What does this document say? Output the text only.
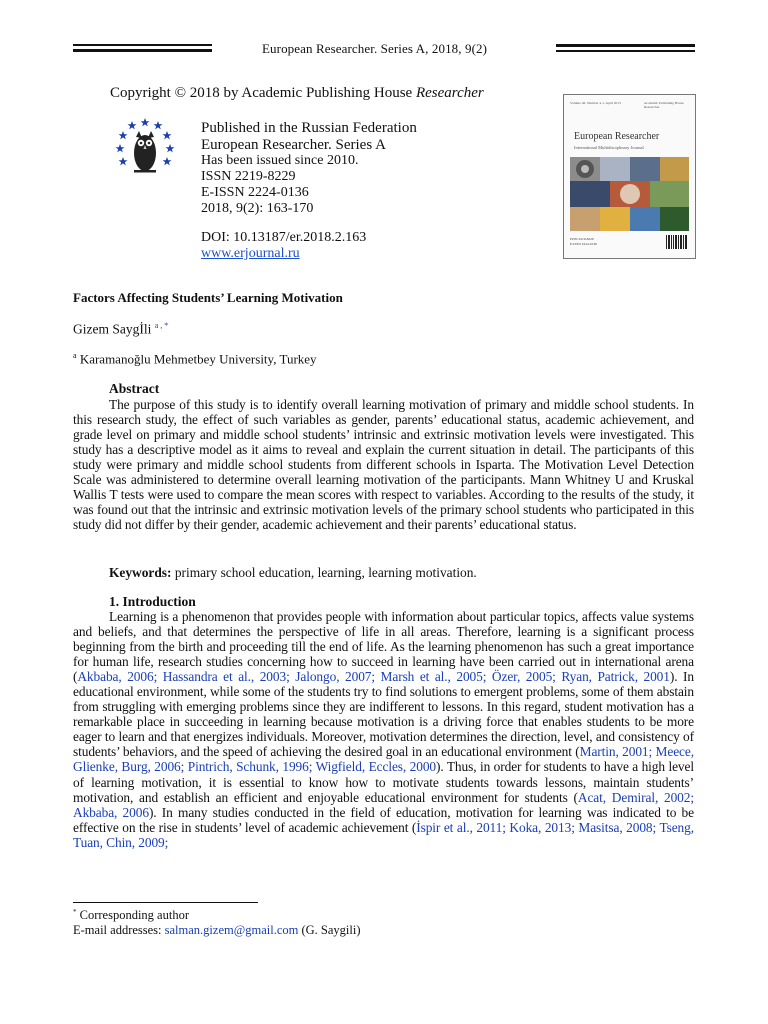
European Researcher. Series A, 2018, 9(2)
Copyright © 2018 by Academic Publishing House Researcher
Published in the Russian Federation
European Researcher. Series A
Has been issued since 2010.
ISSN 2219-8229
E-ISSN 2224-0136
2018, 9(2): 163-170
DOI: 10.13187/er.2018.2.163
www.erjournal.ru
Volume 46, Number 4-1, April 2013	Academic Publishing House Researcher
European Researcher
International Multidisciplinary Journal
ISSN 2219-8229
E-ISSN 2224-0136
Factors Affecting Students’ Learning Motivation
Gizem Saygİli $^{a , *}$
$^a$ Karamanoğlu Mehmetbey University, Turkey
Abstract
The purpose of this study is to identify overall learning motivation of primary and middle school students. In this research study, the effect of such variables as gender, parents’ educational status, academic achievement, and grade level on primary and middle school students’ intrinsic and extrinsic motivation levels were investigated. This study has a descriptive model as it aims to reveal and explain the current situation in detail. The participants of this study were primary and middle school students from different schools in Isparta. The Motivation Level Detection Scale was administered to determine overall learning motivation of the participants. Mann Whitney U and Kruskal Wallis T tests were used to compare the mean scores with respect to variables. According to the results of the study, it was found out that the intrinsic and extrinsic motivation levels of the primary school students who participated in this study did not differ by their gender, academic achievement and their parents’ educational status.
Keywords: primary school education, learning, learning motivation.
1. Introduction
Learning is a phenomenon that provides people with information about particular topics, affects value systems and beliefs, and that determines the perspective of life in all areas. Therefore, learning is a significant process beginning from the birth and proceeding till the end of life. As the learning phenomenon has such a great importance for human life, research studies concerning how to succeed in learning have been carried out in international arena (Akbaba, 2006; Hassandra et al., 2003; Jalongo, 2007; Marsh et al., 2005; Özer, 2005; Ryan, Patrick, 2001). In educational environment, while some of the students try to find solutions to emergent problems, some of them abstain from struggling with emerging problems since they are indifferent to lessons. In this regard, student motivation has a remarkable place in succeeding in learning because motivation is a driving force that enables students to be more eager to learn and that energizes individuals. Moreover, motivation determines the direction, level, and consistency of students’ behaviors, and the speed of achieving the desired goal in an educational environment (Martin, 2001; Meece, Glienke, Burg, 2006; Pintrich, Schunk, 1996; Wigfield, Eccles, 2000). Thus, in order for students to have a high level of learning motivation, it is essential to know how to motivate students towards lessons, maintain students’ motivation, and establish an efficient and enjoyable educational environment for students (Acat, Demiral, 2002; Akbaba, 2006). In many studies conducted in the field of education, motivation for learning was indicated to be effective on the rise in students’ level of academic achievement (İspir et al., 2011; Koka, 2013; Masitsa, 2008; Tseng, Tuan, Chin, 2009;
* Corresponding author
E-mail addresses: salman.gizem@gmail.com (G. Saygili)
